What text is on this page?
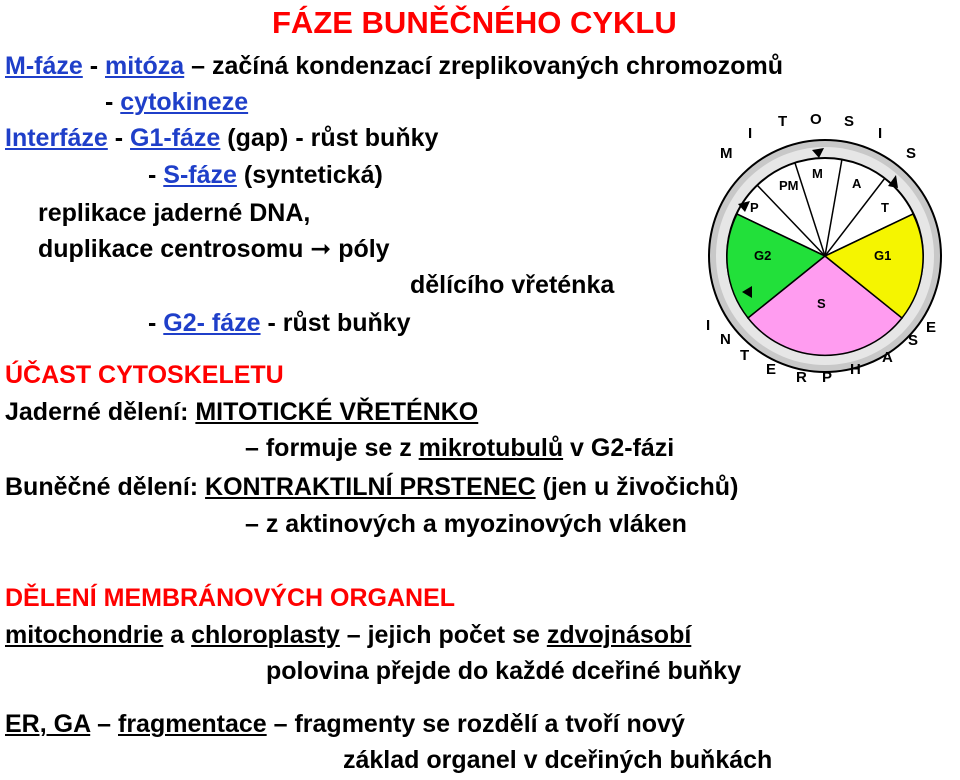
FÁZE BUNĚČNÉHO CYKLU
M-fáze - mitóza – začíná kondenzací zreplikovaných chromozomů
- cytokineze
Interfáze - G1-fáze (gap) - růst buňky
- S-fáze (syntetická)
replikace jaderné DNA,
duplikace centrosomu ➞ póly
dělícího vřeténka
- G2- fáze - růst buňky
ÚČAST CYTOSKELETU
Jaderné dělení: MITOTICKÉ VŘETÉNKO
– formuje se z mikrotubulů v G2-fázi
Buněčné dělení: KONTRAKTILNÍ PRSTENEC (jen u živočichů)
– z aktinových a myozinových vláken
DĚLENÍ MEMBRÁNOVÝCH ORGANEL
mitochondrie a chloroplasty – jejich počet se zdvojnásobí
polovina přejde do každé dceřiné buňky
ER, GA – fragmentace – fragmenty se rozdělí a tvoří nový
základ organel v dceřiných buňkách
G2
S
G1
P
PM
M
A
T
M
I
T O S
I
S
I
N
T
E R P H
A
S
E
